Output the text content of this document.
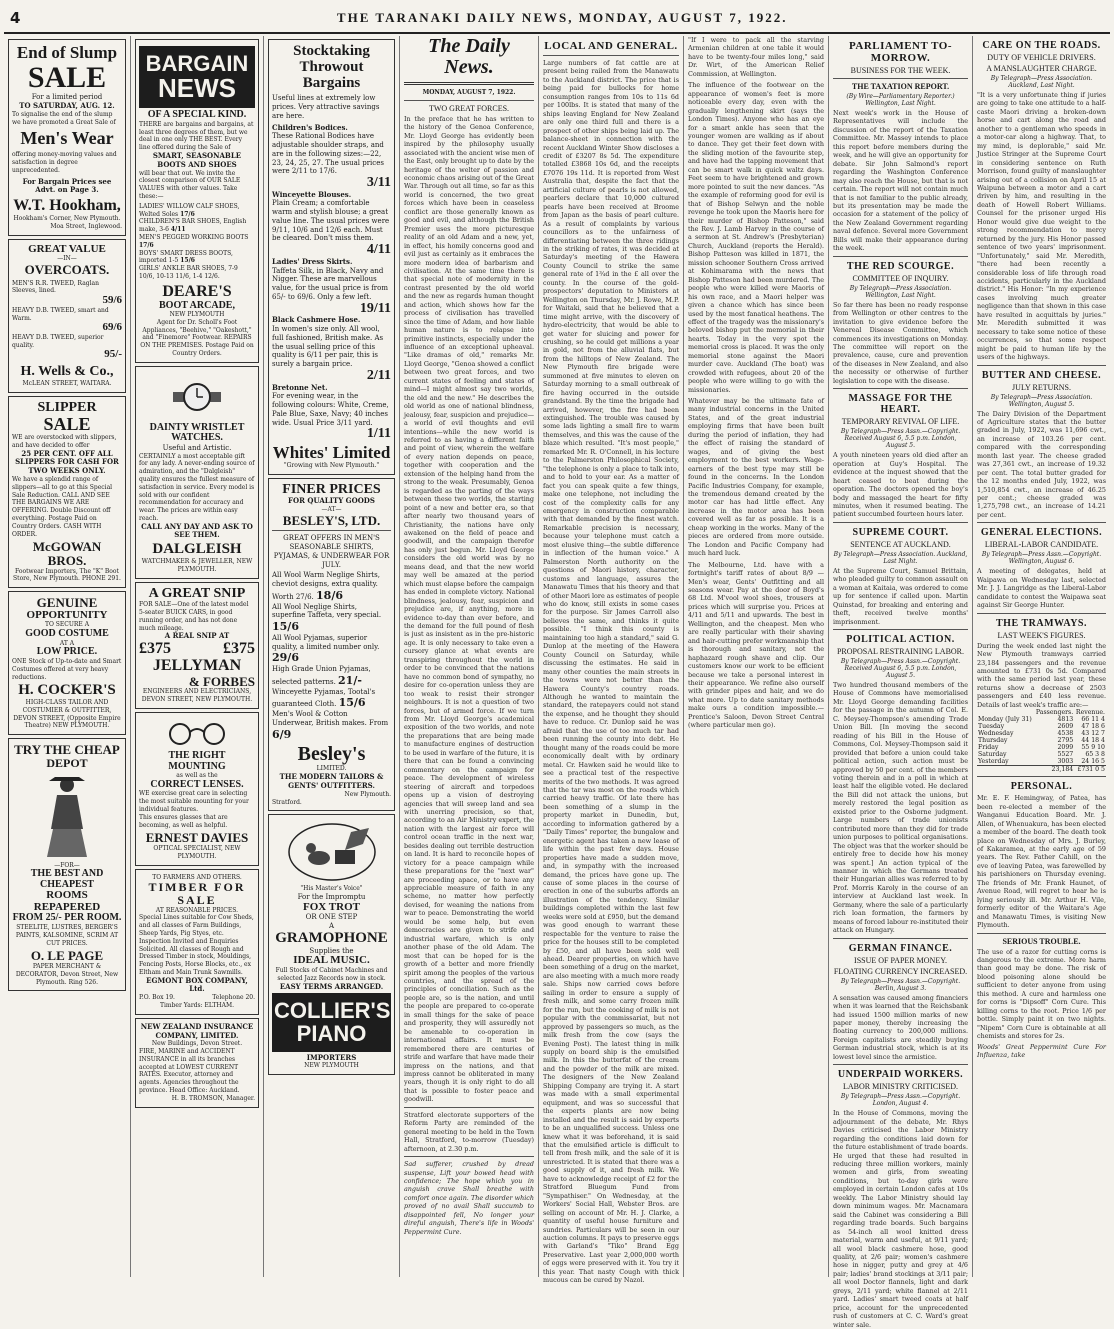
4	THE TARANAKI DAILY NEWS, MONDAY, AUGUST 7, 1922.
End of Slump
SALE
For a limited period
TO SATURDAY, AUG. 12.
To signalise the end of the slump we have promoted a Great Sale of
Men's Wear
offering money-moving values and satisfaction in degree unprecedented.
For Bargain Prices see Advt. on Page 3.
W.T. Hookham,
Hookham's Corner, New Plymouth.
Moa Street, Inglewood.
GREAT VALUE
—IN—
OVERCOATS.
MEN'S R.R. TWEED, Raglan Sleeves, lined.
59/6
HEAVY D.B. TWEED, smart and Warm.
69/6
HEAVY D.B. TWEED, superior quality.
95/-
H. Wells & Co.,
McLEAN STREET, WAITARA.
SLIPPER
SALE
WE are overstocked with slippers, and have decided to offer
25 PER CENT. OFF ALL SLIPPERS FOR CASH FOR TWO WEEKS ONLY.
We have a splendid range of slippers—all to go at this Special Sale Reduction. CALL AND SEE THE BARGAINS WE ARE OFFERING. Double Discount off everything. Postage Paid on Country Orders. CASH WITH ORDER.
McGOWAN BROS.
Footwear Importers, The "K" Boot Store, New Plymouth. PHONE 291.
GENUINE
OPPORTUNITY
TO SECURE A
GOOD COSTUME
AT A
LOW PRICE.
ONE Stock of Up-to-date and Smart Costumes offered at very heavy reductions.
H. COCKER'S
HIGH-CLASS TAILOR AND COSTUMIER & OUTFITTER, DEVON STREET, (Opposite Empire Theatre) NEW PLYMOUTH.
TRY THE CHEAP
DEPOT
—FOR—
THE BEST AND CHEAPEST
ROOMS REPAPERED
FROM 25/- PER ROOM.
STEELITE, LUSTRES, BERGER'S PAINTS, KALSOMINE, SCRIM AT CUT PRICES.
O. LE PAGE
PAPER MERCHANT & DECORATOR, Devon Street, New Plymouth. Ring 526.
BARGAIN
NEWS
OF A SPECIAL KIND.
THERE are bargains and bargains, at least three degrees of them, but we deal in one only THE BEST. Every line offered during the Sale of
SMART, SEASONABLE BOOTS AND SHOES
will bear that out. We invite the closest comparison of OUR SALE VALUES with other values. Take these:—
LADIES' WILLOW CALF SHOES, Welted Soles 17/6
CHILDREN'S BAR SHOES, English make, 3-6 4/11
MEN'S PEGGED WORKING BOOTS 17/6
BOYS' SMART DRESS BOOTS, imported 1-5 15/6
GIRLS' ANKLE BAR SHOES, 7-9 10/6, 10-13 11/6, 1-4 12/6.
DEARE'S
BOOT ARCADE,
NEW PLYMOUTH
Agent for Dr. Scholl's Foot Appliances, "Beehive," "Oakeshott," and "Finemore" Footwear. REPAIRS ON THE PREMISES. Postage Paid on Country Orders.
DAINTY WRISTLET WATCHES.
Useful and Artistic.
CERTAINLY a most acceptable gift for any lady. A never-ending source of admiration, and the "Dalgleish" quality ensures the fullest measure of satisfaction in service. Every model is sold with our confident recommendation for accuracy and wear. The prices are within easy reach.
CALL ANY DAY AND ASK TO SEE THEM.
DALGLEISH
WATCHMAKER & JEWELLER, NEW PLYMOUTH.
A GREAT SNIP
FOR SALE—One of the latest model 5-seater BUICK CARS, in good running order, and has not done much mileage.
A REAL SNIP AT
£375	£375
JELLYMAN
& FORBES
ENGINEERS AND ELECTRICIANS, DEVON STREET, NEW PLYMOUTH.
THE RIGHT MOUNTING
as well as the
CORRECT LENSES.
WE exercise great care in selecting the most suitable mounting for your individual features.
This ensures glasses that are becoming, as well as helpful.
ERNEST DAVIES
OPTICAL SPECIALIST, NEW PLYMOUTH.
TO FARMERS AND OTHERS.
TIMBER FOR SALE
AT REASONABLE PRICES.
Special Lines suitable for Cow Sheds, and all classes of Farm Buildings, Sheep Yards, Pig Styes, etc. Inspection Invited and Enquiries Solicited. All classes of Rough and Dressed Timber in stock, Mouldings, Fencing Posts, Horse Blocks, etc., ex Eltham and Main Trunk Sawmills.
EGMONT BOX COMPANY, Ltd.
P.O. Box 19.	Telephone 20.
Timber Yards: ELTHAM.
NEW ZEALAND INSURANCE COMPANY, LIMITED.
New Buildings, Devon Street.
FIRE, MARINE and ACCIDENT INSURANCE in all its branches accepted at LOWEST CURRENT RATES. Executor, attorney and agents. Agencies throughout the province. Head Office: Auckland.
H. B. TROMSON, Manager.
Stocktaking
Throwout
Bargains
Useful lines at extremely low prices. Very attractive savings are here.
Children's Bodices.
These Rational Bodices have adjustable shoulder straps, and are in the following sizes:—22, 23, 24, 25, 27. The usual prices were 2/11 to 17/6.
3/11
Winceyette Blouses.
Plain Cream; a comfortable warm and stylish blouse; a great value line. The usual prices were 9/11, 10/6 and 12/6 each. Must be cleared. Don't miss them.
4/11
Ladies' Dress Skirts.
Taffeta Silk, in Black, Navy and Nigger. These are marvellous value, for the usual price is from 65/- to 69/6. Only a few left.
19/11
Black Cashmere Hose.
In women's size only. All wool, full fashioned, British make. As the usual selling price of this quality is 6/11 per pair, this is surely a bargain price.
2/11
Bretonne Net.
For evening wear, in the following colours: White, Creme, Pale Blue, Saxe, Navy; 40 inches wide. Usual Price 3/11 yard.
1/11
Whites' Limited
"Growing with New Plymouth."
FINER PRICES
FOR QUALITY GOODS
—AT—
BESLEY'S, LTD.
GREAT OFFERS IN MEN'S SEASONABLE SHIRTS, PYJAMAS, & UNDERWEAR FOR JULY.
All Wool Warm Neglige Shirts, cheviot designs, extra quality. Worth 27/6. 18/6
All Wool Neglige Shirts, superfine Taffeta, very special. 15/6
All Wool Pyjamas, superior quality, a limited number only. 29/6
High Grade Union Pyjamas, selected patterns. 21/-
Winceyette Pyjamas, Tootal's guaranteed Cloth. 15/6
Men's Wool & Cotton Underwear, British makes. From 6/9
Besley's
LIMITED.
THE MODERN TAILORS & GENTS' OUTFITTERS.
New Plymouth.
Stratford.
"His Master's Voice"
For the Impromptu
FOX TROT
OR ONE STEP
A
GRAMOPHONE
Supplies the
IDEAL MUSIC.
Full Stocks of Cabinet Machines and selected Jazz Records now in stock.
EASY TERMS ARRANGED.
COLLIER'S
PIANO
IMPORTERS
NEW PLYMOUTH
The Daily News.
MONDAY, AUGUST 7, 1922.
TWO GREAT FORCES.
In the preface that he has written to the history of the Genoa Conference, Mr. Lloyd George has evidently been inspired by the philosophy usually associated with the ancient wise men of the East, only brought up to date by the heritage of the welter of passion and economic chaos arising out of the Great War. Through out all time, so far as this world is concerned, the two great forces which have been in ceaseless conflict are those generally known as good and evil, and although the British Premier uses the more picturesque reality of an old Adam and a new, yet, in effect, his homily concerns good and evil just as certainly as it embraces the more modern idea of barbarism and civilisation. At the same time there is that special note of modernity in the contrast presented by the old world and the new as regards human thought and action, which shows how far the process of civilisation has travelled since the time of Adam, and how liable human nature is to relapse into primitive instincts, especially under the influence of an exceptional upheaval. "Like dramas of old," remarks Mr. Lloyd George, "Genoa showed a conflict between two great forces, and two current states of feeling and states of mind—I might almost say two worlds, the old and the new." He describes the old world as one of national blindness, jealousy, fear, suspicion and prejudice—a world of evil thoughts and evil intentions—while the new world is referred to as having a different faith and point of view, wherein the welfare of every nation depends on peace, together with cooperation and the extension of the helping hand from the strong to the weak. Presumably, Genoa is regarded as the parting of the ways between these two worlds, the starting point of a new and better era, so that after nearly two thousand years of Christianity, the nations have only awakened on the field of peace and goodwill, and the campaign therefor has only just begun. Mr. Lloyd George considers the old world was by no means dead, and that the new world may well be amazed at the period which must elapse before the campaign has ended in complete victory. National blindness, jealousy, fear, suspicion and prejudice are, if anything, more in evidence to-day than ever before, and the demand for the full pound of flesh is just as insistent as in the pre-historic age. It is only necessary to take even a cursory glance at what events are transpiring throughout the world in order to be convinced that the nations have no common bond of sympathy, no desire for co-operation unless they are too weak to resist their stronger neighbours. It is not a question of two forces, but of armed force. If we turn from Mr. Lloyd George's academical exposition of the two worlds, and note the preparations that are being made to manufacture engines of destruction to be used in warfare of the future, it is there that can be found a convincing commentary on the campaign for peace. The development of wireless steering of aircraft and torpedoes opens up a vision of destroying agencies that will sweep land and sea with unerring precision, so that, according to an Air Ministry expert, the nation with the largest air force will control ocean traffic in the next war, besides dealing out terrible destruction on land. It is hard to reconcile hopes of victory for a peace campaign while these preparations for the "next war" are proceeding apace, or to have any appreciable measure of faith in any scheme, no matter how perfectly devised, for weaning the nations from war to peace. Demonstrating the world would be some help, but even democracies are given to strife and industrial warfare, which is only another phase of the old Adam. The most that can be hoped for is the growth of a better and more friendly spirit among the peoples of the various countries, and the spread of the principles of conciliation. Such as the people are, so is the nation, and until the people are prepared to co-operate in small things for the sake of peace and prosperity, they will assuredly not be amenable to co-operation in international affairs. It must be remembered there are centuries of strife and warfare that have made their impress on the nations, and that impress cannot be obliterated in many years, though it is only right to do all that is possible to foster peace and goodwill.
Stratford electorate supporters of the Reform Party are reminded of the general meeting to be held in the Town Hall, Stratford, to-morrow (Tuesday) afternoon, at 2.30 p.m.
Sad sufferer, crushed by dread suspense, Lift your bowed head with confidence; The hope which you in anguish crave Shall breathe with comfort once again. The disorder which proved of no avail Shall succumb to disappointed fell, No longer your direful anguish, There's life in Woods' Peppermint Cure.
LOCAL AND GENERAL.
Large numbers of fat cattle are at present being railed from the Manawatu to the Auckland district. The price that is being paid for bullocks for home consumption ranges from 10s to 11s 6d per 100lbs. It is stated that many of the ships leaving England for New Zealand are only one third full and there is a prospect of other ships being laid up. The balance-sheet in connection with the recent Auckland Winter Show discloses a credit of £3207 8s 5d. The expenditure totalled £3868 10s 6d, and the receipts £7076 19s 11d. It is reported from West Australia that, despite the fact that the artificial culture of pearls is not allowed, pearlers declare that 10,000 cultured pearls have been received at Broome from Japan as the basis of pearl culture. As a result of complaints by various councillors as to the unfairness of differentiating between the three ridings in the striking of rates, it was decided at Saturday's meeting of the Hawera County Council to strike the same general rate of 1¾d in the £ all over the county. In the course of the gold-prospectors' deputation to Ministers at Wellington on Thursday, Mr. J. Rowe, M.P. for Waitaki, said that he believed that a time might arrive, with the discovery of hydro-electricity, that would be able to get water for sluicing and power for crushing, so he could get millions a year in gold, not from the alluvial flats, but from the hilltops of New Zealand. The New Plymouth fire brigade were summoned at five minutes to eleven on Saturday morning to a small outbreak of fire having occurred in the outside grandstand. By the time the brigade had arrived, however, the fire had been extinguished. The trouble was caused by some lads lighting a small fire to warm themselves, and this was the cause of the blaze which resulted. "It's most people," remarked Mr. R. O'Connell, in his lecture to the Palmerston Philosophical Society, "the telephone is only a place to talk into, and to hold to your ear. As a matter of fact you can speak quite a few things, make one telephone, not including the cost of the complexity calls for any emergency in construction comparable with that demanded by the finest watch. Remarkable precision is necessary, because your telephone must catch a most elusive thing—the subtle difference in inflection of the human voice." A Palmerston North authority on the questions of Maori history, character, customs and language, assures the Manawatu Times that his theory and that of other Maori lore as estimates of people who do know, still exists in some cases for the purpose. Sir James Carroll also believes the same, and thinks it quite possible. "I think this county is maintaining too high a standard," said G. Dunlop at the meeting of the Hawera County Council on Saturday, while discussing the estimates. He said in many other counties the main streets in the towns were not better than the Hawera County's country roads. Although he wanted to maintain the standard, the ratepayers could not stand the expense, and he thought they should have to reduce. Cr. Dunlop said he was afraid that the use of too much tar had been running the county into debt. He thought many of the roads could be more economically dealt with by ordinary metal. Cr. Hawken said he would like to see a practical test of the respective merits of the two methods. It was agreed that the tar was most on the roads which carried heavy traffic. Of late there has been something of a slump in the property market in Dunedin, but, according to information gathered by a "Daily Times" reporter, the bungalow and energetic agent has taken a new lease of life within the past few days. House properties have made a sudden move, and, in sympathy with the increased demand, the prices have gone up. The cause of some places in the course of erection in one of the suburbs affords an illustration of the tendency. Similar buildings completed within the last few weeks were sold at £950, but the demand was good enough to warrant these respectable for the venture to raise the price for the houses still to be completed by £50, and all have been sold well ahead. Dearer properties, on which have been something of a drug on the market, are also meeting with a much more ready sale. Ships now carried cows before sailing in order to ensure a supply of fresh milk, and some carry frozen milk for the run, but the cooking of milk is not popular with the commissariat, but not approved by passengers so much, as the milk fresh from the cow (says the Evening Post). The latest thing in milk supply on board ship is the emulsified milk. In this the butterfat of the cream and the powder of the milk are mixed. The designers of the New Zealand Shipping Company are trying it. A start was made with a small experimental equipment, and was so successful that the experts plants are now being installed and the result is said by experts to be an unqualified success. Unless one knew what it was beforehand, it is said that the emulsified article is difficult to tell from fresh milk, and the sale of it is unrestricted. It is stated that there was a good supply of it, and fresh milk. We have to acknowledge receipt of £2 for the Stratford Bluegum Fund from "Sympathiser." On Wednesday, at the Workers' Social Hall, Webster Bros. are selling on account of Mr. H. J. Clarke, a quantity of useful house furniture and sundries. Particulars will be seen in our auction columns. It pays to preserve eggs with Garland's "Tiko" Brand Egg Preservative. Last year 2,000,000 worth of eggs were preserved with it. You try it this year. That nasty Cough with thick mucous can be cured by Nazol.
"If I were to pack all the starving Armenian children at one table it would have to be twenty-four miles long," said Dr. Wirt, of the American Relief Commission, at Wellington.
The influence of the footwear on the appearance of women's feet is more noticeable every day, even with the gradually lengthening skirt (says the London Times). Anyone who has an eye for a smart ankle has seen that the younger women are walking as if about to dance. They get their feet down with the sliding motion of the favourite step, and have had the tapping movement that can be smart walk in quick waltz days. Feet seem to have brightened and grown more pointed to suit the new dances. "As the example of reforming good for evil is that of Bishop Selwyn and the noble revenge he took upon the Maoris here for their murder of Bishop Patteson," said the Rev. J. Lamb Harvey in the course of a sermon at St. Andrew's (Presbyterian) Church, Auckland (reports the Herald). Bishop Patteson was killed in 1871, the mission schooner Southern Cross arrived at Kohimarama with the news that Bishop Patteson had been murdered. The people who were killed were Maoris of his own race, and a Maori helper was given a chance which has since been used by the most fanatical heathens. The effect of the tragedy was the missionary's beloved bishop put the memorial in their hearts. Today in the very spot the memorial cross is placed. It was the only memorial stone against the Maori murder cave. Auckland (The boat) was crowded with refugees, about 20 of the people who were willing to go with the missionaries.
Whatever may be the ultimate fate of many industrial concerns in the United States, and of the great industrial employing firms that have been built during the period of inflation, they had the effect of raising the standard of wages, and of giving the best employment to the best workers. Wage-earners of the best type may still be found in the concerns. In the London Pacific Industries Company, for example, the tremendous demand created by the motor car has had little effect. Any increase in the motor area has been covered well as far as possible. It is a cheap working in the works. Many of the pieces are ordered from more outside. The London and Pacific Company had much hard luck.
The Melbourne, Ltd. have with a fortnight's tariff rates of about 8/9 — Men's wear, Gents' Outfitting and all seasons wear. Pay at the door of Boyd's 68 Ltd. M'vool wool shoes, trousers at prices which will surprise you. Prices at 4/11 and 5/11 and upwards. The best in Wellington, and the cheapest. Men who are really particular with their shaving and hair-cutting prefer workmanship that is thorough and sanitary, not the haphazard rough shave and clip. Our customers know our work to be efficient because we take a personal interest in their appearance. We refine also ourself with grinder pipes and hair, and we do what more. Up to date sanitary methods make ours a condition impossible.—Prentice's Saloon, Devon Street Central (where particular men go).
PARLIAMENT TO-MORROW.
BUSINESS FOR THE WEEK.
THE TAXATION REPORT.
(By Wire—Parliamentary Reporter.) Wellington, Last Night.
Next week's work in the House of Representatives will include the discussion of the report of the Taxation Committee. Mr. Massey intends to place this report before members during the week, and he will give an opportunity for debate. Sir John Salmond's report regarding the Washington Conference may also reach the House, but that is not certain. The report will not contain much that is not familiar to the public already, but its presentation may be made the occasion for a statement of the policy of the New Zealand Government regarding naval defence. Several more Government Bills will make their appearance during the week.
THE RED SCOURGE.
COMMITTEE OF INQUIRY.
By Telegraph—Press Association. Wellington, Last Night.
So far there has been no ready response from Wellington or other centres to the invitation to give evidence before the Venereal Disease Committee, which commences its investigations on Monday. The committee will report on the prevalence, cause, cure and prevention of the diseases in New Zealand, and also the necessity or otherwise of further legislation to cope with the disease.
MASSAGE FOR THE HEART.
TEMPORARY REVIVAL OF LIFE.
By Telegraph—Press Assn.—Copyright. Received August 6, 5.5 p.m. London, August 5.
A youth nineteen years old died after an operation at Guy's Hospital. The evidence at the inquest showed that the heart ceased to beat during the operation. The doctors opened the boy's body and massaged the heart for fifty minutes, when it resumed beating. The patient succumbed fourteen hours later.
SUPREME COURT.
SENTENCE AT AUCKLAND.
By Telegraph—Press Association. Auckland, Last Night.
At the Supreme Court, Samuel Brittain, who pleaded guilty to common assault on a woman at Kaitaia, was ordered to come up for sentence if called upon. Martin Quinstad, for breaking and entering and theft, received twelve months' imprisonment.
POLITICAL ACTION.
PROPOSAL RESTRAINING LABOR.
By Telegraph—Press Assn.—Copyright. Received August 6, 5.5 p.m. London, August 5.
Two hundred thousand members of the House of Commons have memorialised Mr. Lloyd George demanding facilities for the passage in the autumn of Col. E. C. Meysey-Thompson's amending Trade Union Bill. [In moving the second reading of his Bill in the House of Commons, Col. Meysey-Thompson said it provided that before a union could take political action, such action must be approved by 50 per cent. of the members voting therein and in a poll in which at least half the eligible voted. He declared the Bill did not attack the unions, but merely restored the legal position as existed prior to the Osborne judgment. Large numbers of trade unionists contributed more than they did for trade union purposes to political organisations. The object was that the worker should be entirely free to decide how his money was spent.] An action typical of the manner in which the Germans treated their Hungarian allies was referred to by Prof. Morris Karoly in the course of an interview at Auckland last week. In Germany, where the sale of a particularly rich loan formation, the farmers by means of forced labour re-instituted their attack on Hungary.
GERMAN FINANCE.
ISSUE OF PAPER MONEY.
FLOATING CURRENCY INCREASED.
By Telegraph—Press Assn.—Copyright. Berlin, August 3.
A sensation was caused among financiers when it was learned that the Reichsbank had issued 1500 million marks of new paper money, thereby increasing the floating currency to 200,000 millions. Foreign capitalists are steadily buying German industrial stock, which is at its lowest level since the armistice.
UNDERPAID WORKERS.
LABOR MINISTRY CRITICISED.
By Telegraph—Press Assn.—Copyright. London, August 4.
In the House of Commons, moving the adjournment of the debate, Mr. Rhys Davies criticised the Labor Ministry regarding the conditions laid down for the future establishment of trade boards. He urged that these had resulted in reducing three million workers, mainly women and girls, from sweating conditions, but to-day girls were employed in certain London cafes at 10s weekly. The Labor Ministry should lay down minimum wages. Mr. Macnamara said the Cabinet was considering a Bill regarding trade boards. Such bargains as 54-inch all wool knitted dress material, warm and useful, at 9/11 yard; all wool black cashmere hose, good quality, at 2/6 pair; women's cashmere hose in nigger, putty and grey at 4/6 pair; ladies' brand stockings at 3/11 pair; all wool Doctor flannels, light and dark greys, 2/11 yard; white flannel at 2/11 yard. Ladies' smart tweed coats at half price, account for the unprecedented rush of customers at C. C. Ward's great winter sale.
CARE ON THE ROADS.
DUTY OF VEHICLE DRIVERS.
A MANSLAUGHTER CHARGE.
By Telegraph—Press Association. Auckland, Last Night.
"It is a very unfortunate thing if juries are going to take one attitude to a half-caste Maori driving a broken-down horse and cart along the road and another to a gentleman who speeds in a motor-car along a highway. That, to my mind, is deplorable," said Mr. Justice Stringer at the Supreme Court in considering sentence on Ruth Morrison, found guilty of manslaughter arising out of a collision on April 15 at Waipuna between a motor and a cart driven by him, and resulting in the death of Howell Robert Williams. Counsel for the prisoner urged His Honor would give due weight to the strong recommendation to mercy returned by the jury. His Honor passed sentence of two years' imprisonment. "Unfortunately," said Mr. Meredith, "there had been recently a considerable loss of life through road accidents, particularly in the Auckland district." His Honor: "In my experience cases involving much greater negligence than that shown in this case have resulted in acquittals by juries." Mr. Meredith submitted it was necessary to take some notice of these occurrences, so that some respect might be paid to human life by the users of the highways.
BUTTER AND CHEESE.
JULY RETURNS.
By Telegraph—Press Association. Wellington, August 5.
The Dairy Division of the Department of Agriculture states that the butter graded in July, 1922, was 11,696 cwt., an increase of 103.26 per cent. compared with the corresponding month last year. The cheese graded was 27,361 cwt., an increase of 19.32 per cent. The total butter graded for the 12 months ended July, 1922, was 1,510,854 cwt., an increase of 46.25 per cent.; cheese graded was 1,275,798 cwt., an increase of 14.21 per cent.
GENERAL ELECTIONS.
LIBERAL-LABOR CANDIDATE.
By Telegraph—Press Assn.—Copyright. Wellington, August 6.
A meeting of delegates, held at Waipawa on Wednesday last, selected Mr. J. J. Langridge as the Liberal-Labor candidate to contest the Waipawa seat against Sir George Hunter.
THE TRAMWAYS.
LAST WEEK'S FIGURES.
During the week ended last night the New Plymouth tramways carried 23,184 passengers and the revenue amounted to £731 0s 5d. Compared with the same period last year, these returns show a decrease of 2503 passengers and £40 less revenue. Details of last week's traffic are:—
	Passengers.	Revenue.
Monday (July 31)	4813	66 11 4
Tuesday	2609	47 18 6
Wednesday	4538	43 12 7
Thursday	2795	44 18 4
Friday	2099	55 9 10
Saturday	5527	65 3 8
Yesterday	3003	24 16 5
	23,184	£731 0 5
PERSONAL.
Mr. E. F. Hemingway, of Patea, has been re-elected a member of the Wanganui Education Board. Mr. J. Allen, of Whenuakura, has been elected a member of the board. The death took place on Wednesday of Mrs. J. Burley, of Kakaramea, at the early age of 59 years. The Rev. Father Cahill, on the eve of leaving Patea, was farewelled by his parishioners on Thursday evening. The friends of Mr. Frank Haunet, of Avenue Road, will regret to hear he is lying seriously ill. Mr. Arthur H. Vile, formerly editor of the Waitara's Age and Manawatu Times, is visiting New Plymouth.
SERIOUS TROUBLE.
The use of a razor for cutting corns is dangerous to the extreme. More harm than good may be done. The risk of blood poisoning alone should be sufficient to deter anyone from using this method. A cure and harmless one for corns is "Dipsoff" Corn Cure. This killing corns to the root. Price 1/6 per bottle. Simply paint it on two nights. "Nipem" Corn Cure is obtainable at all chemists and stores for 2s.
Woods' Great Peppermint Cure For Influenza, take
